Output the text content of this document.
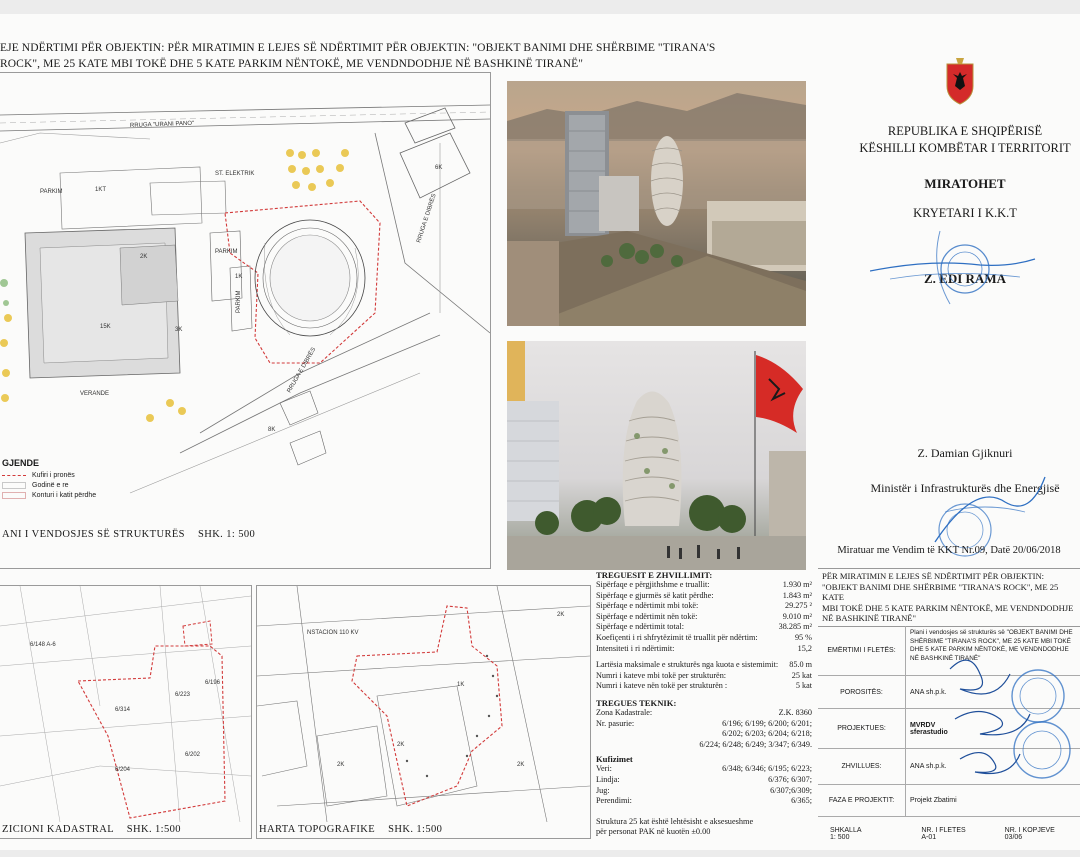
EJE NDËRTIMI PËR OBJEKTIN: PËR MIRATIMIN E LEJES SË NDËRTIMIT PËR OBJEKTIN: "OBJEKT BANIMI DHE SHËRBIME "TIRANA'S
ROCK", ME 25 KATE MBI TOKË DHE 5 KATE PARKIM NËNTOKË, ME VENDNDODHJE NË BASHKINË TIRANË"
RRUGA "URANI PANO"
RRUGA E DIBRËS
RRUGA E DIBRËS
ST. ELEKTRIK
PARKIM
PARKIM
PARKIM
VERANDE
15K
2K
3K
1K
6K
8K
1KT
GJENDE
Kufiri i pronës
Godinë e re
Konturi i katit përdhe
ANI I VENDOSJES SË STRUKTURËS SHK. 1: 500
REPUBLIKA E SHQIPËRISË
KËSHILLI KOMBËTAR I TERRITORIT
MIRATOHET
KRYETARI I K.K.T
Z. EDI RAMA
Z. Damian Gjiknuri
Ministër i Infrastrukturës dhe Energjisë
Miratuar me Vendim të KKT Nr.09, Datë 20/06/2018
6/314
6/223
6/196
6/204
6/202
6/148 A-6
ZICIONI KADASTRAL SHK. 1:500
NSTACION 110 KV
1K
2K
2K
2K
2K
HARTA TOPOGRAFIKE SHK. 1:500
TREGUESIT E ZHVILLIMIT:
Sipërfaqe e përgjithshme e truallit:	1.930 m²
Sipërfaqe e gjurmës së katit përdhe:	1.843 m²
Sipërfaqe e ndërtimit mbi tokë:	29.275 ²
Sipërfaqe e ndërtimit nën tokë:	9.010 m²
Sipërfaqe e ndërtimit total:	38.285 m²
Koefiçenti i ri shfrytëzimit të truallit për ndërtim:	95 %
Intensiteti i ri ndërtimit:	15,2
Lartësia maksimale e strukturës nga kuota e sistemimit: 85.0 m
Numri i kateve mbi tokë per strukturën:	25 kat
Numri i kateve nën tokë per strukturën :	5 kat
TREGUES TEKNIK:
Zona Kadastrale:	Z.K. 8360
Nr. pasurie:	6/196; 6/199; 6/200; 6/201;
6/202; 6/203; 6/204; 6/218;
6/224; 6/248; 6/249; 3/347; 6/349.
Kufizimet
Veri:	6/348; 6/346; 6/195; 6/223;
Lindja:	6/376; 6/307;
Jug:	6/307;6/309;
Perendimi:	6/365;
Struktura 25 kat është lehtësisht e aksesueshme
për personat PAK në kuotën ±0.00
PËR MIRATIMIN E LEJES SË NDËRTIMIT PËR OBJEKTIN:
"OBJEKT BANIMI DHE SHËRBIME "TIRANA'S ROCK", ME 25 KATE
MBI TOKË DHE 5 KATE PARKIM NËNTOKË, ME VENDNDODHJE
NË BASHKINË TIRANË"
EMËRTIMI I FLETËS:
Plani i vendosjes së strukturës së "OBJEKT BANIMI DHE SHËRBIME "TIRANA'S ROCK", ME 25 KATE MBI TOKË DHE 5 KATE PARKIM NËNTOKË, ME VENDNDODHJE NË BASHKINË TIRANË"
POROSITËS:	ANA sh.p.k.
PROJEKTUES:	MVRDV
sferastudio
ZHVILLUES:	ANA sh.p.k.
FAZA E PROJEKTIT:	Projekt Zbatimi
SHKALLA
1: 500
NR. I FLETES
A-01
NR. I KOPJEVE
03/06
